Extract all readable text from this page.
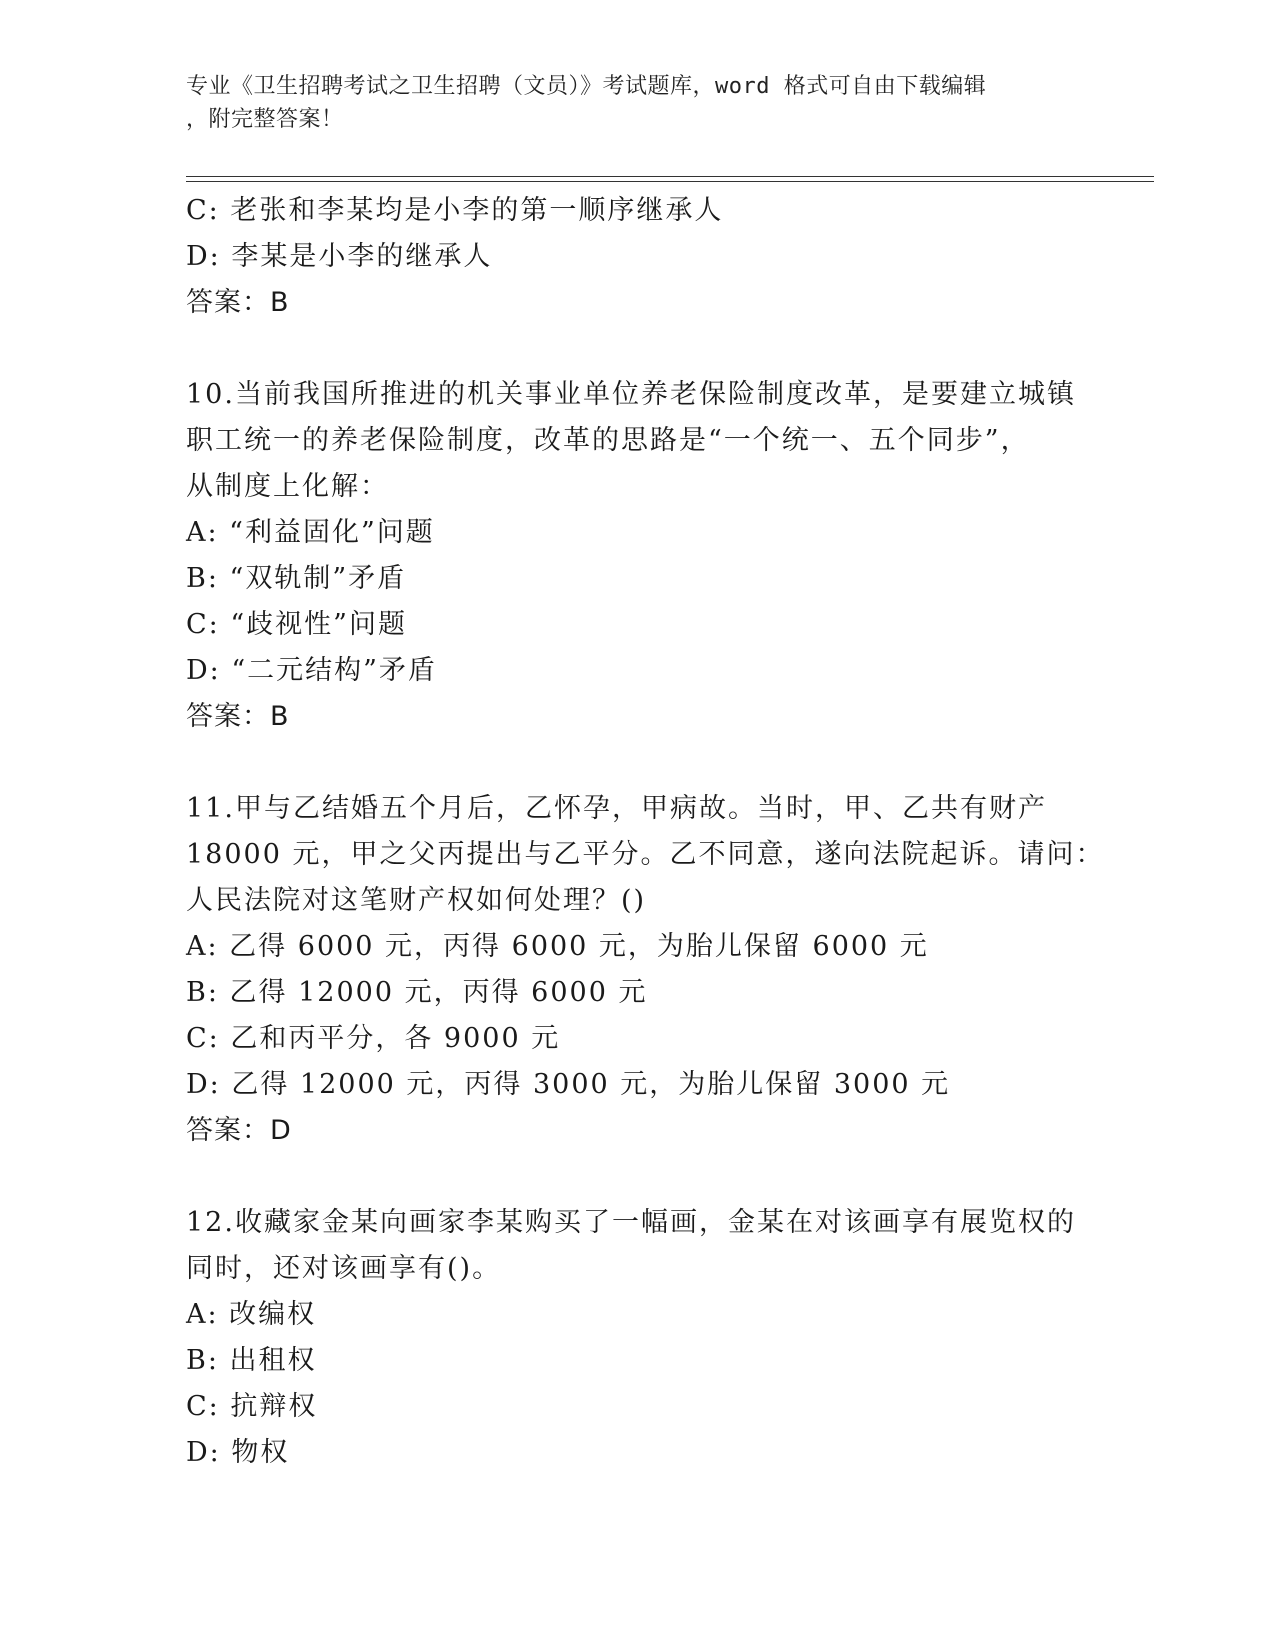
专业《卫生招聘考试之卫生招聘（文员）》考试题库，word 格式可自由下载编辑
，附完整答案！
C: 老张和李某均是小李的第一顺序继承人
D: 李某是小李的继承人
答案：B
10.当前我国所推进的机关事业单位养老保险制度改革，是要建立城镇
职工统一的养老保险制度，改革的思路是“一个统一、五个同步”，
从制度上化解：
A: “利益固化”问题
B: “双轨制”矛盾
C: “歧视性”问题
D: “二元结构”矛盾
答案：B
11.甲与乙结婚五个月后，乙怀孕，甲病故。当时，甲、乙共有财产
18000 元，甲之父丙提出与乙平分。乙不同意，遂向法院起诉。请问：
人民法院对这笔财产权如何处理？()
A: 乙得 6000 元，丙得 6000 元，为胎儿保留 6000 元
B: 乙得 12000 元，丙得 6000 元
C: 乙和丙平分，各 9000 元
D: 乙得 12000 元，丙得 3000 元，为胎儿保留 3000 元
答案：D
12.收藏家金某向画家李某购买了一幅画，金某在对该画享有展览权的
同时，还对该画享有()。
A: 改编权
B: 出租权
C: 抗辩权
D: 物权
